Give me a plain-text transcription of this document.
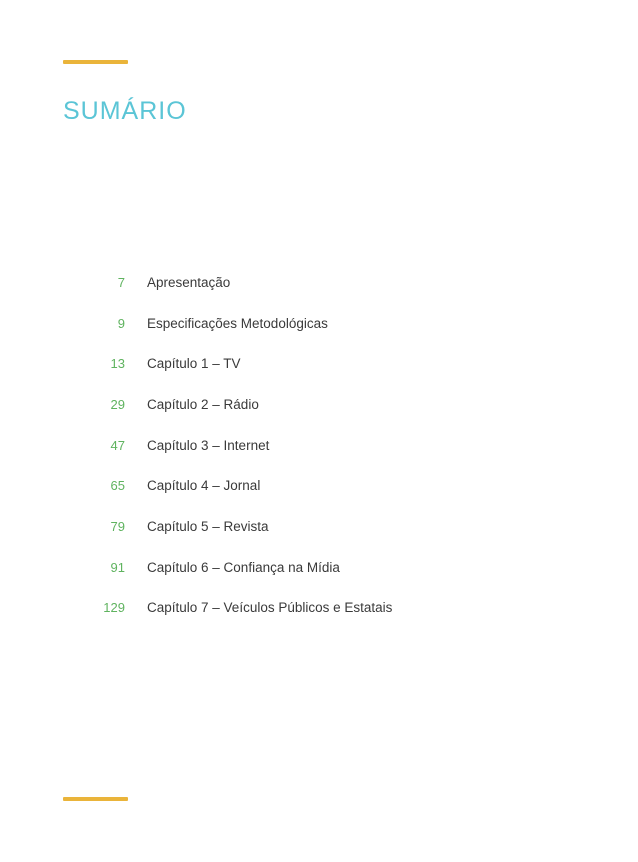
SUMÁRIO
7 Apresentação
9 Especificações Metodológicas
13 Capítulo 1 – TV
29 Capítulo 2 – Rádio
47 Capítulo 3 – Internet
65 Capítulo 4 – Jornal
79 Capítulo 5 – Revista
91 Capítulo 6 – Confiança na Mídia
129 Capítulo 7 – Veículos Públicos e Estatais
